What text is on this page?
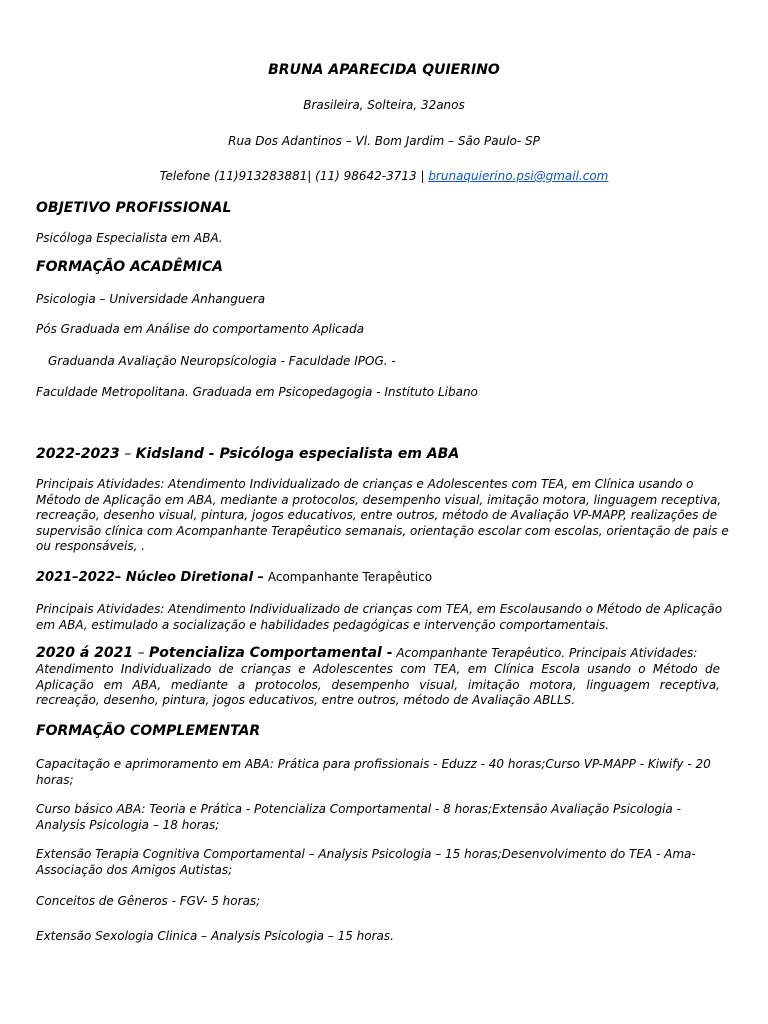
BRUNA APARECIDA QUIERINO
Brasileira, Solteira, 32anos
Rua Dos Adantinos – Vl. Bom Jardim – São Paulo- SP
Telefone (11)913283881| (11) 98642-3713 | brunaquierino.psi@gmail.com
OBJETIVO PROFISSIONAL
Psicóloga Especialista em ABA.
FORMAÇÃO ACADÊMICA
Psicologia – Universidade Anhanguera
Pós Graduada em Análise do comportamento Aplicada
Graduanda Avaliação Neuropsícologia - Faculdade IPOG. -
Faculdade Metropolitana. Graduada em Psicopedagogia - Instituto Libano
2022-2023 – Kidsland - Psicóloga especialista em ABA
Principais Atividades: Atendimento Individualizado de crianças e Adolescentes com TEA, em Clínica usando o Método de Aplicação em ABA, mediante a protocolos, desempenho visual, imitação motora, linguagem receptiva, recreação, desenho visual, pintura, jogos educativos, entre outros, método de Avaliação VP-MAPP, realizações de supervisão clínica com Acompanhante Terapêutico semanais, orientação escolar com escolas, orientação de pais e ou responsáveis, .
2021–2022– Núcleo Diretional – Acompanhante Terapêutico
Principais Atividades: Atendimento Individualizado de crianças com TEA, em Escolausando o Método de Aplicação em ABA, estimulado a socialização e habilidades pedagógicas e intervenção comportamentais.
2020 á 2021 – Potencializa Comportamental - Acompanhante Terapêutico. Principais Atividades:
Atendimento Individualizado de crianças e Adolescentes com TEA, em Clínica Escola usando o Método de Aplicação em ABA, mediante a protocolos, desempenho visual, imitação motora, linguagem receptiva, recreação, desenho, pintura, jogos educativos, entre outros, método de Avaliação ABLLS.
FORMAÇÃO COMPLEMENTAR
Capacitação e aprimoramento em ABA: Prática para profissionais - Eduzz - 40 horas;Curso VP-MAPP - Kiwify - 20 horas;
Curso básico ABA: Teoria e Prática - Potencializa Comportamental - 8 horas;Extensão Avaliação Psicologia - Analysis Psicologia – 18 horas;
Extensão Terapia Cognitiva Comportamental – Analysis Psicologia – 15 horas;Desenvolvimento do TEA - Ama- Associação dos Amigos Autistas;
Conceitos de Gêneros - FGV- 5 horas;
Extensão Sexologia Clinica – Analysis Psicologia – 15 horas.
